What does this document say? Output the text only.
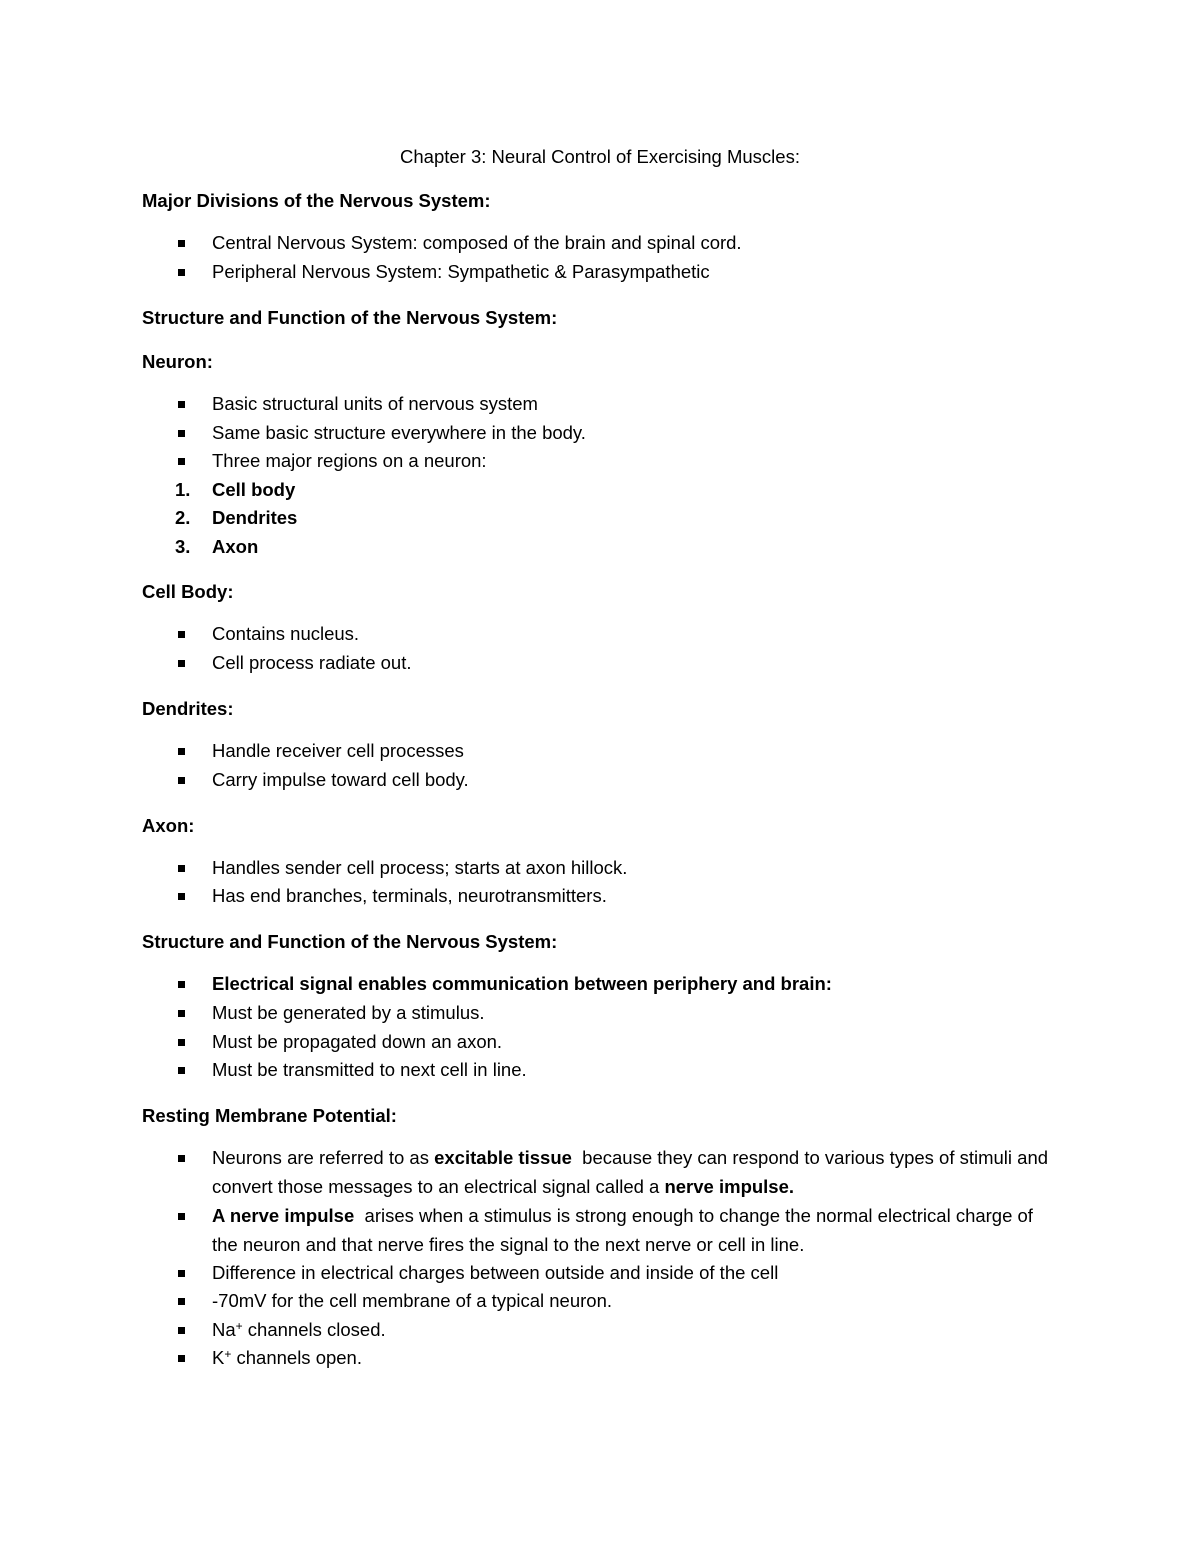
Chapter 3: Neural Control of Exercising Muscles:
Major Divisions of the Nervous System:
Central Nervous System: composed of the brain and spinal cord.
Peripheral Nervous System: Sympathetic & Parasympathetic
Structure and Function of the Nervous System:
Neuron:
Basic structural units of nervous system
Same basic structure everywhere in the body.
Three major regions on a neuron:
1. Cell body
2. Dendrites
3. Axon
Cell Body:
Contains nucleus.
Cell process radiate out.
Dendrites:
Handle receiver cell processes
Carry impulse toward cell body.
Axon:
Handles sender cell process; starts at axon hillock.
Has end branches, terminals, neurotransmitters.
Structure and Function of the Nervous System:
Electrical signal enables communication between periphery and brain:
Must be generated by a stimulus.
Must be propagated down an axon.
Must be transmitted to next cell in line.
Resting Membrane Potential:
Neurons are referred to as excitable tissue  because they can respond to various types of stimuli and convert those messages to an electrical signal called a nerve impulse.
A nerve impulse  arises when a stimulus is strong enough to change the normal electrical charge of the neuron and that nerve fires the signal to the next nerve or cell in line.
Difference in electrical charges between outside and inside of the cell
-70mV for the cell membrane of a typical neuron.
Na+ channels closed.
K+ channels open.
